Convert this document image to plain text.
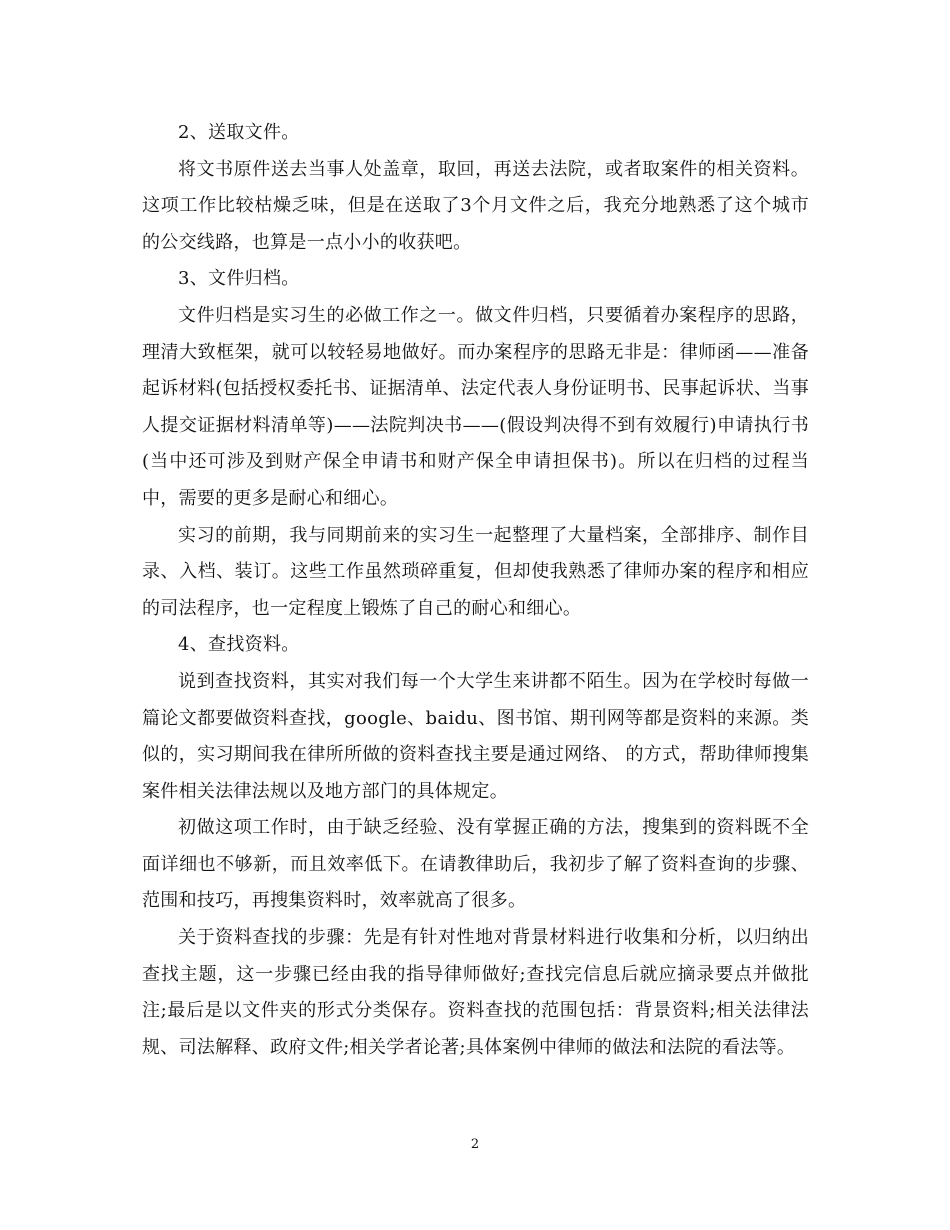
2、送取文件。

将文书原件送去当事人处盖章，取回，再送去法院，或者取案件的相关资料。这项工作比较枯燥乏味，但是在送取了3个月文件之后，我充分地熟悉了这个城市的公交线路，也算是一点小小的收获吧。

3、文件归档。

文件归档是实习生的必做工作之一。做文件归档，只要循着办案程序的思路，理清大致框架，就可以较轻易地做好。而办案程序的思路无非是：律师函——准备起诉材料(包括授权委托书、证据清单、法定代表人身份证明书、民事起诉状、当事人提交证据材料清单等)——法院判决书——(假设判决得不到有效履行)申请执行书(当中还可涉及到财产保全申请书和财产保全申请担保书)。所以在归档的过程当中，需要的更多是耐心和细心。

实习的前期，我与同期前来的实习生一起整理了大量档案，全部排序、制作目录、入档、装订。这些工作虽然琐碎重复，但却使我熟悉了律师办案的程序和相应的司法程序，也一定程度上锻炼了自己的耐心和细心。

4、查找资料。

说到查找资料，其实对我们每一个大学生来讲都不陌生。因为在学校时每做一篇论文都要做资料查找，google、baidu、图书馆、期刊网等都是资料的来源。类似的，实习期间我在律所所做的资料查找主要是通过网络、 的方式，帮助律师搜集案件相关法律法规以及地方部门的具体规定。

初做这项工作时，由于缺乏经验、没有掌握正确的方法，搜集到的资料既不全面详细也不够新，而且效率低下。在请教律助后，我初步了解了资料查询的步骤、范围和技巧，再搜集资料时，效率就高了很多。

关于资料查找的步骤：先是有针对性地对背景材料进行收集和分析，以归纳出查找主题，这一步骤已经由我的指导律师做好;查找完信息后就应摘录要点并做批注;最后是以文件夹的形式分类保存。资料查找的范围包括：背景资料;相关法律法规、司法解释、政府文件;相关学者论著;具体案例中律师的做法和法院的看法等。

2
